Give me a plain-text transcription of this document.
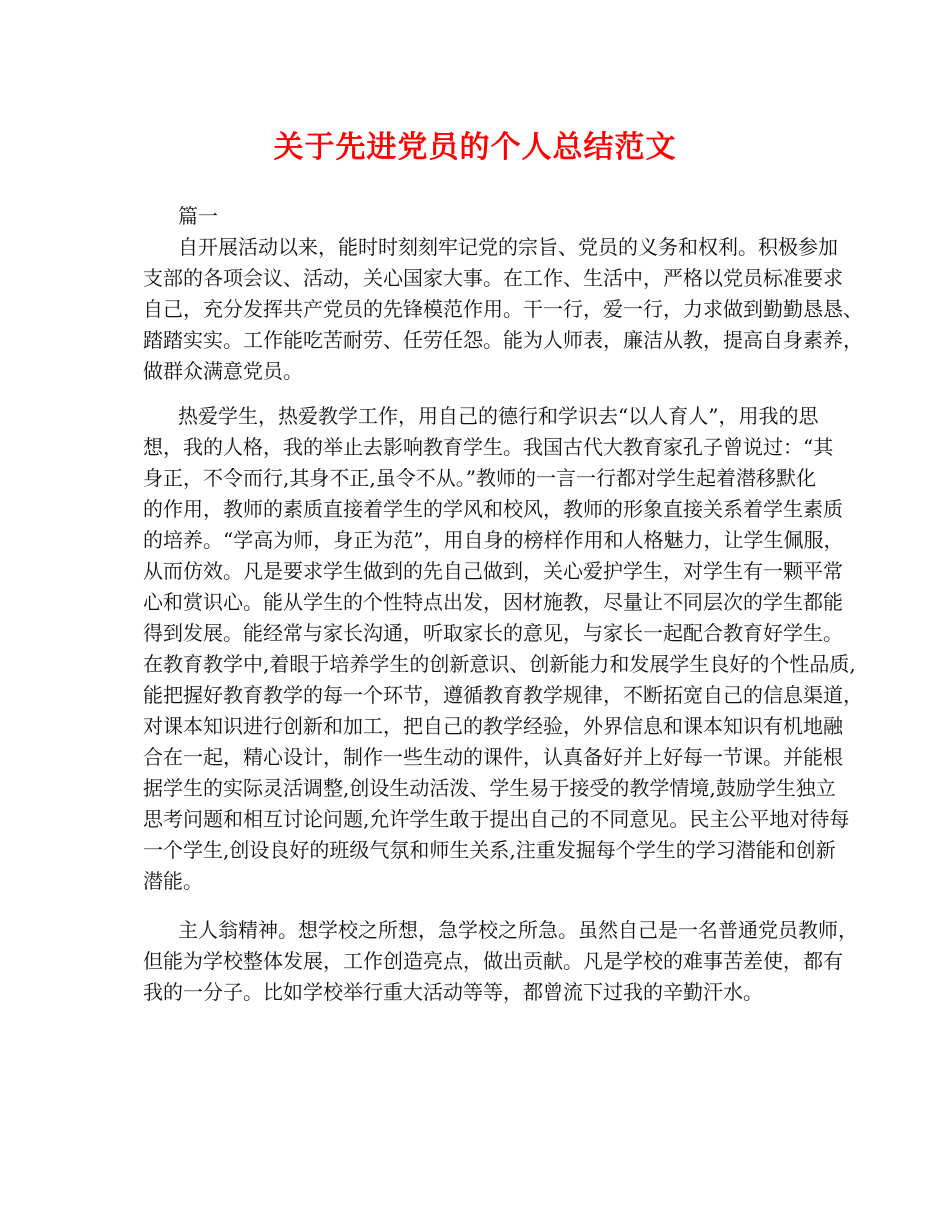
关于先进党员的个人总结范文
篇一
自开展活动以来，能时时刻刻牢记党的宗旨、党员的义务和权利。积极参加
支部的各项会议、活动，关心国家大事。在工作、生活中，严格以党员标准要求
自己，充分发挥共产党员的先锋模范作用。干一行，爱一行，力求做到勤勤恳恳、
踏踏实实。工作能吃苦耐劳、任劳任怨。能为人师表，廉洁从教，提高自身素养，
做群众满意党员。
热爱学生，热爱教学工作，用自己的德行和学识去“以人育人”，用我的思
想，我的人格，我的举止去影响教育学生。我国古代大教育家孔子曾说过：“其
身正，不令而行,其身不正,虽令不从。”教师的一言一行都对学生起着潜移默化
的作用，教师的素质直接着学生的学风和校风，教师的形象直接关系着学生素质
的培养。“学高为师，身正为范”，用自身的榜样作用和人格魅力，让学生佩服，
从而仿效。凡是要求学生做到的先自己做到，关心爱护学生，对学生有一颗平常
心和赏识心。能从学生的个性特点出发，因材施教，尽量让不同层次的学生都能
得到发展。能经常与家长沟通，听取家长的意见，与家长一起配合教育好学生。
在教育教学中,着眼于培养学生的创新意识、创新能力和发展学生良好的个性品质,
能把握好教育教学的每一个环节，遵循教育教学规律，不断拓宽自己的信息渠道，
对课本知识进行创新和加工，把自己的教学经验，外界信息和课本知识有机地融
合在一起，精心设计，制作一些生动的课件，认真备好并上好每一节课。并能根
据学生的实际灵活调整,创设生动活泼、学生易于接受的教学情境,鼓励学生独立
思考问题和相互讨论问题,允许学生敢于提出自己的不同意见。民主公平地对待每
一个学生,创设良好的班级气氛和师生关系,注重发掘每个学生的学习潜能和创新
潜能。
主人翁精神。想学校之所想，急学校之所急。虽然自己是一名普通党员教师，
但能为学校整体发展，工作创造亮点，做出贡献。凡是学校的难事苦差使，都有
我的一分子。比如学校举行重大活动等等，都曾流下过我的辛勤汗水。
